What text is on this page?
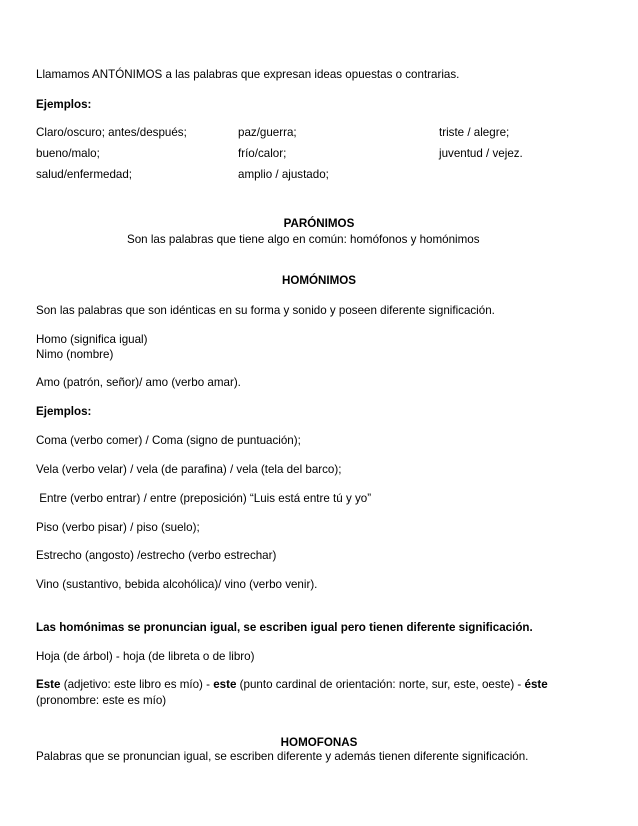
Llamamos ANTÓNIMOS a las palabras que expresan ideas opuestas o contrarias.
Ejemplos:
Claro/oscuro; antes/después;	paz/guerra;	triste / alegre;
bueno/malo;	frío/calor;	juventud / vejez.
salud/enfermedad;	amplio / ajustado;
PARÓNIMOS
Son las palabras que tiene algo en común: homófonos y homónimos
HOMÓNIMOS
Son las palabras que son idénticas en su forma y sonido y poseen diferente significación.
Homo (significa igual)
Nimo (nombre)
Amo (patrón, señor)/ amo (verbo amar).
Ejemplos:
Coma (verbo comer) / Coma (signo de puntuación);
Vela (verbo velar) / vela (de parafina) / vela (tela del barco);
Entre (verbo entrar) / entre (preposición) “Luis está entre tú y yo”
Piso (verbo pisar) / piso (suelo);
Estrecho (angosto) /estrecho (verbo estrechar)
Vino (sustantivo, bebida alcohólica)/ vino (verbo venir).
Las homónimas se pronuncian igual, se escriben igual pero tienen diferente significación.
Hoja (de árbol) - hoja (de libreta o de libro)
Este (adjetivo: este libro es mío) - este (punto cardinal de orientación: norte, sur, este, oeste) - éste
(pronombre: este es mío)
HOMOFONAS
Palabras que se pronuncian igual, se escriben diferente y además tienen diferente significación.
